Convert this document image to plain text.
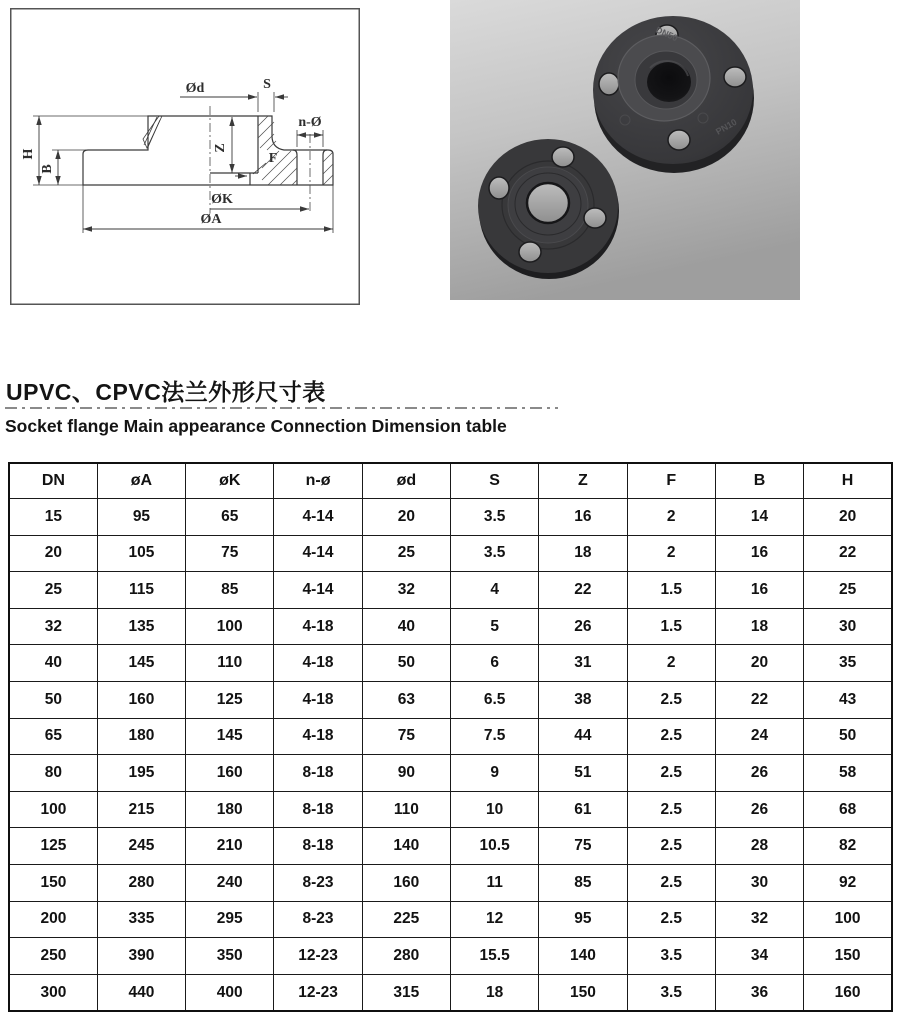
H
B
Ød	S
n-Ø
Z
F
ØK
ØA
DN50
PN10
UPVC、CPVC法兰外形尺寸表
Socket flange Main appearance Connection Dimension table
DN	øA	øK	n-ø	ød	S	Z	F	B	H
15	95	65	4-14	20	3.5	16	2	14	20
20	105	75	4-14	25	3.5	18	2	16	22
25	115	85	4-14	32	4	22	1.5	16	25
32	135	100	4-18	40	5	26	1.5	18	30
40	145	110	4-18	50	6	31	2	20	35
50	160	125	4-18	63	6.5	38	2.5	22	43
65	180	145	4-18	75	7.5	44	2.5	24	50
80	195	160	8-18	90	9	51	2.5	26	58
100	215	180	8-18	110	10	61	2.5	26	68
125	245	210	8-18	140	10.5	75	2.5	28	82
150	280	240	8-23	160	11	85	2.5	30	92
200	335	295	8-23	225	12	95	2.5	32	100
250	390	350	12-23	280	15.5	140	3.5	34	150
300	440	400	12-23	315	18	150	3.5	36	160
